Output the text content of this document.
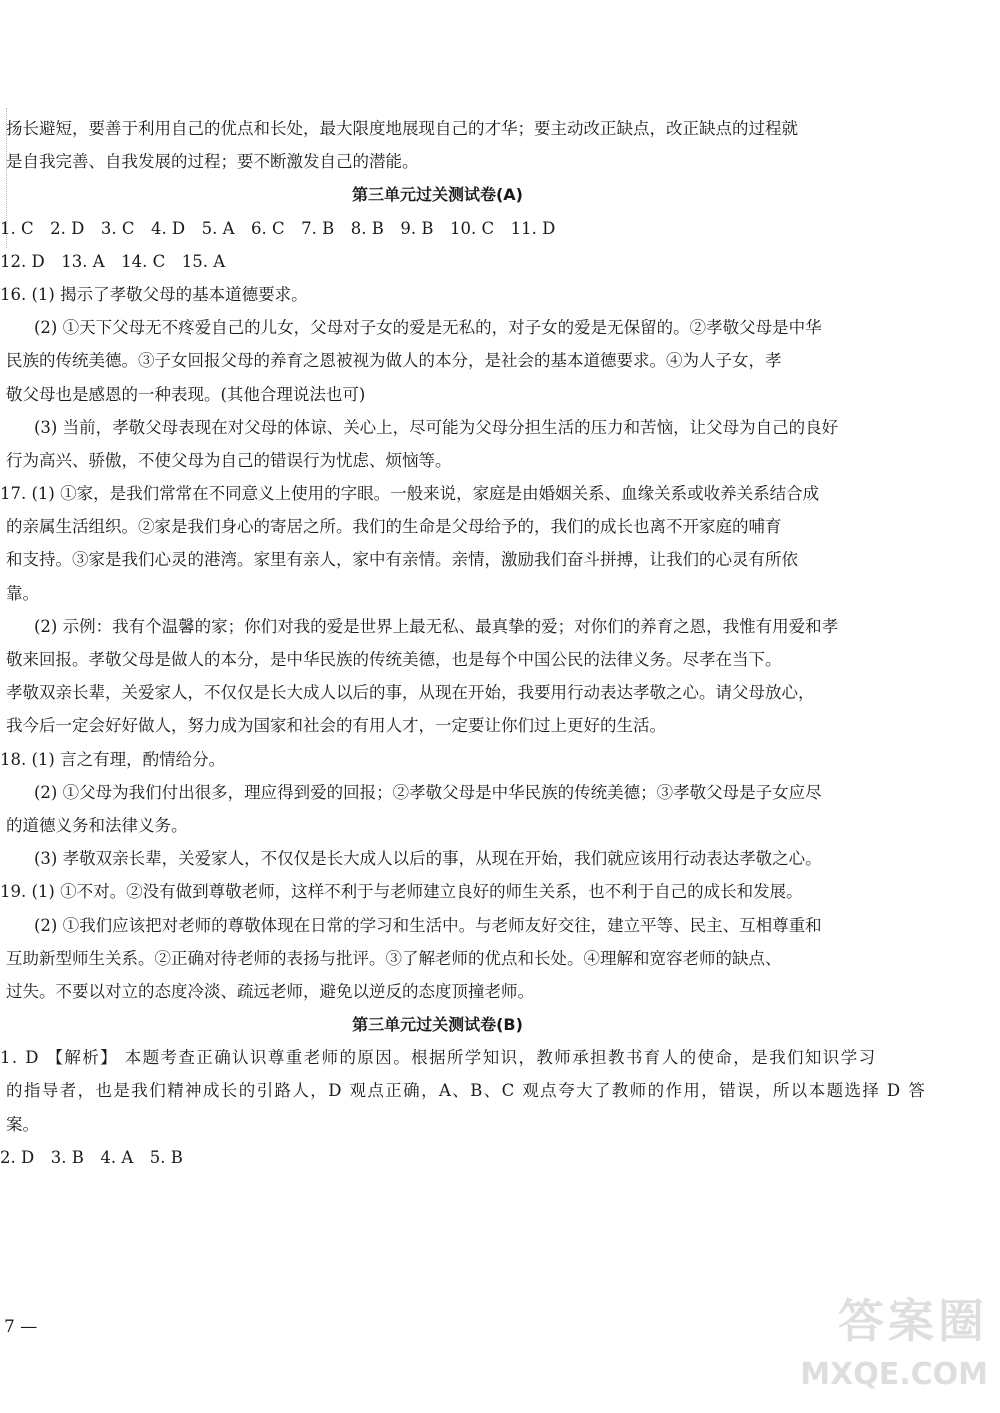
扬长避短，要善于利用自己的优点和长处，最大限度地展现自己的才华；要主动改正缺点，改正缺点的过程就
是自我完善、自我发展的过程；要不断激发自己的潜能。
第三单元过关测试卷(A)
1. C　2. D　3. C　4. D　5. A　6. C　7. B　8. B　9. B　10. C　11. D
12. D　13. A　14. C　15. A
16. (1) 揭示了孝敬父母的基本道德要求。
(2) ①天下父母无不疼爱自己的儿女，父母对子女的爱是无私的，对子女的爱是无保留的。②孝敬父母是中华
民族的传统美德。③子女回报父母的养育之恩被视为做人的本分，是社会的基本道德要求。④为人子女，孝
敬父母也是感恩的一种表现。(其他合理说法也可)
(3) 当前，孝敬父母表现在对父母的体谅、关心上，尽可能为父母分担生活的压力和苦恼，让父母为自己的良好
行为高兴、骄傲，不使父母为自己的错误行为忧虑、烦恼等。
17. (1) ①家，是我们常常在不同意义上使用的字眼。一般来说，家庭是由婚姻关系、血缘关系或收养关系结合成
的亲属生活组织。②家是我们身心的寄居之所。我们的生命是父母给予的，我们的成长也离不开家庭的哺育
和支持。③家是我们心灵的港湾。家里有亲人，家中有亲情。亲情，激励我们奋斗拼搏，让我们的心灵有所依
靠。
(2) 示例：我有个温馨的家；你们对我的爱是世界上最无私、最真挚的爱；对你们的养育之恩，我惟有用爱和孝
敬来回报。孝敬父母是做人的本分，是中华民族的传统美德，也是每个中国公民的法律义务。尽孝在当下。
孝敬双亲长辈，关爱家人，不仅仅是长大成人以后的事，从现在开始，我要用行动表达孝敬之心。请父母放心，
我今后一定会好好做人，努力成为国家和社会的有用人才，一定要让你们过上更好的生活。
18. (1) 言之有理，酌情给分。
(2) ①父母为我们付出很多，理应得到爱的回报；②孝敬父母是中华民族的传统美德；③孝敬父母是子女应尽
的道德义务和法律义务。
(3) 孝敬双亲长辈，关爱家人，不仅仅是长大成人以后的事，从现在开始，我们就应该用行动表达孝敬之心。
19. (1) ①不对。②没有做到尊敬老师，这样不利于与老师建立良好的师生关系，也不利于自己的成长和发展。
(2) ①我们应该把对老师的尊敬体现在日常的学习和生活中。与老师友好交往，建立平等、民主、互相尊重和
互助新型师生关系。②正确对待老师的表扬与批评。③了解老师的优点和长处。④理解和宽容老师的缺点、
过失。不要以对立的态度冷淡、疏远老师，避免以逆反的态度顶撞老师。
第三单元过关测试卷(B)
1. D 【解析】 本题考查正确认识尊重老师的原因。根据所学知识，教师承担教书育人的使命，是我们知识学习
的指导者，也是我们精神成长的引路人，D 观点正确，A、B、C 观点夸大了教师的作用，错误，所以本题选择 D 答
案。
2. D　3. B　4. A　5. B
7 —	答案圈
MXQE.COM
